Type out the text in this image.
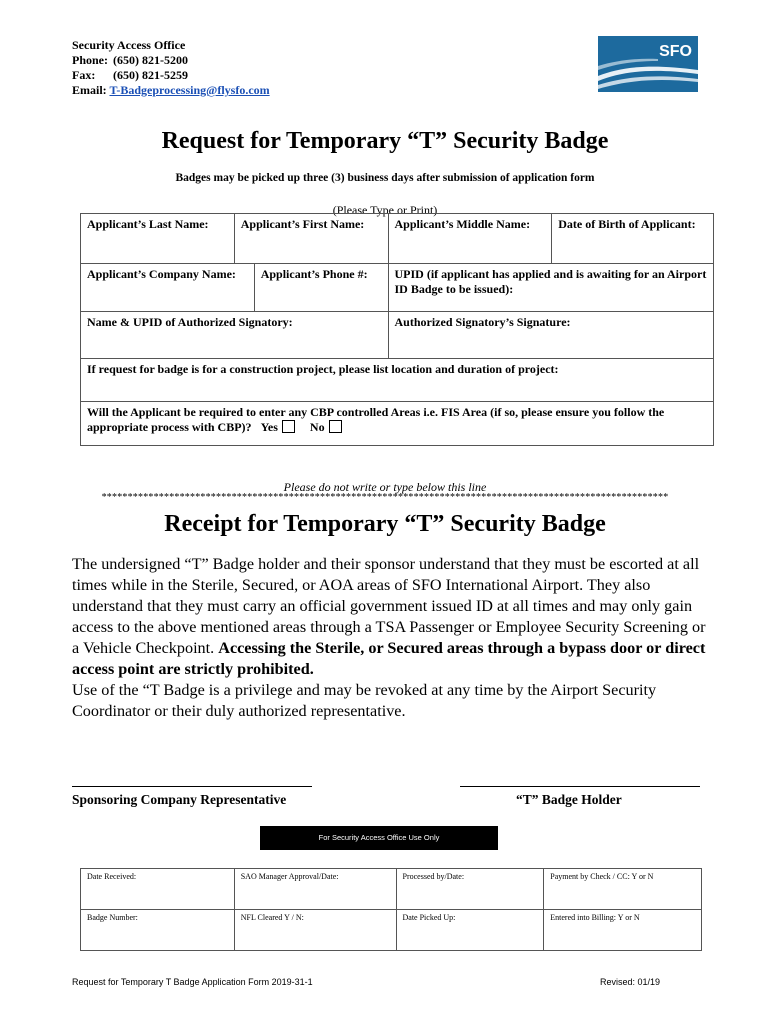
Security Access Office
Phone: (650) 821-5200
Fax: (650) 821-5259
Email: T-Badgeprocessing@flysfo.com
SFO
Request for Temporary “T” Security Badge
Badges may be picked up three (3) business days after submission of application form
(Please Type or Print)
Applicant’s Last Name:	Applicant’s First Name:		Applicant’s Middle Name:	Date of Birth of Applicant:
Applicant’s Company Name:		Applicant’s Phone #:	UPID (if applicant has applied and is awaiting for an Airport ID Badge to be issued):	
Name & UPID of Authorized Signatory:			Authorized Signatory’s Signature:	
If request for badge is for a construction project, please list location and duration of project:				
Will the Applicant be required to enter any CBP controlled Areas i.e. FIS Area (if so, please ensure you follow the appropriate process with CBP)? Yes No				
Please do not write or type below this line
*************************************************************************************************************
Receipt for Temporary “T” Security Badge
The undersigned “T” Badge holder and their sponsor understand that they must be escorted at all times while in the Sterile, Secured, or AOA areas of SFO International Airport. They also understand that they must carry an official government issued ID at all times and may only gain access to the above mentioned areas through a TSA Passenger or Employee Security Screening or a Vehicle Checkpoint. Accessing the Sterile, or Secured areas through a bypass door or direct access point are strictly prohibited.
Use of the “T Badge is a privilege and may be revoked at any time by the Airport Security Coordinator or their duly authorized representative.
Sponsoring Company Representative	“T” Badge Holder
For Security Access Office Use Only
Date Received:	SAO Manager Approval/Date:	Processed by/Date:	Payment by Check / CC: Y or N
Badge Number:	NFL Cleared Y / N:	Date Picked Up:	Entered into Billing: Y or N
Request for Temporary T Badge Application Form 2019-31-1	Revised: 01/19
